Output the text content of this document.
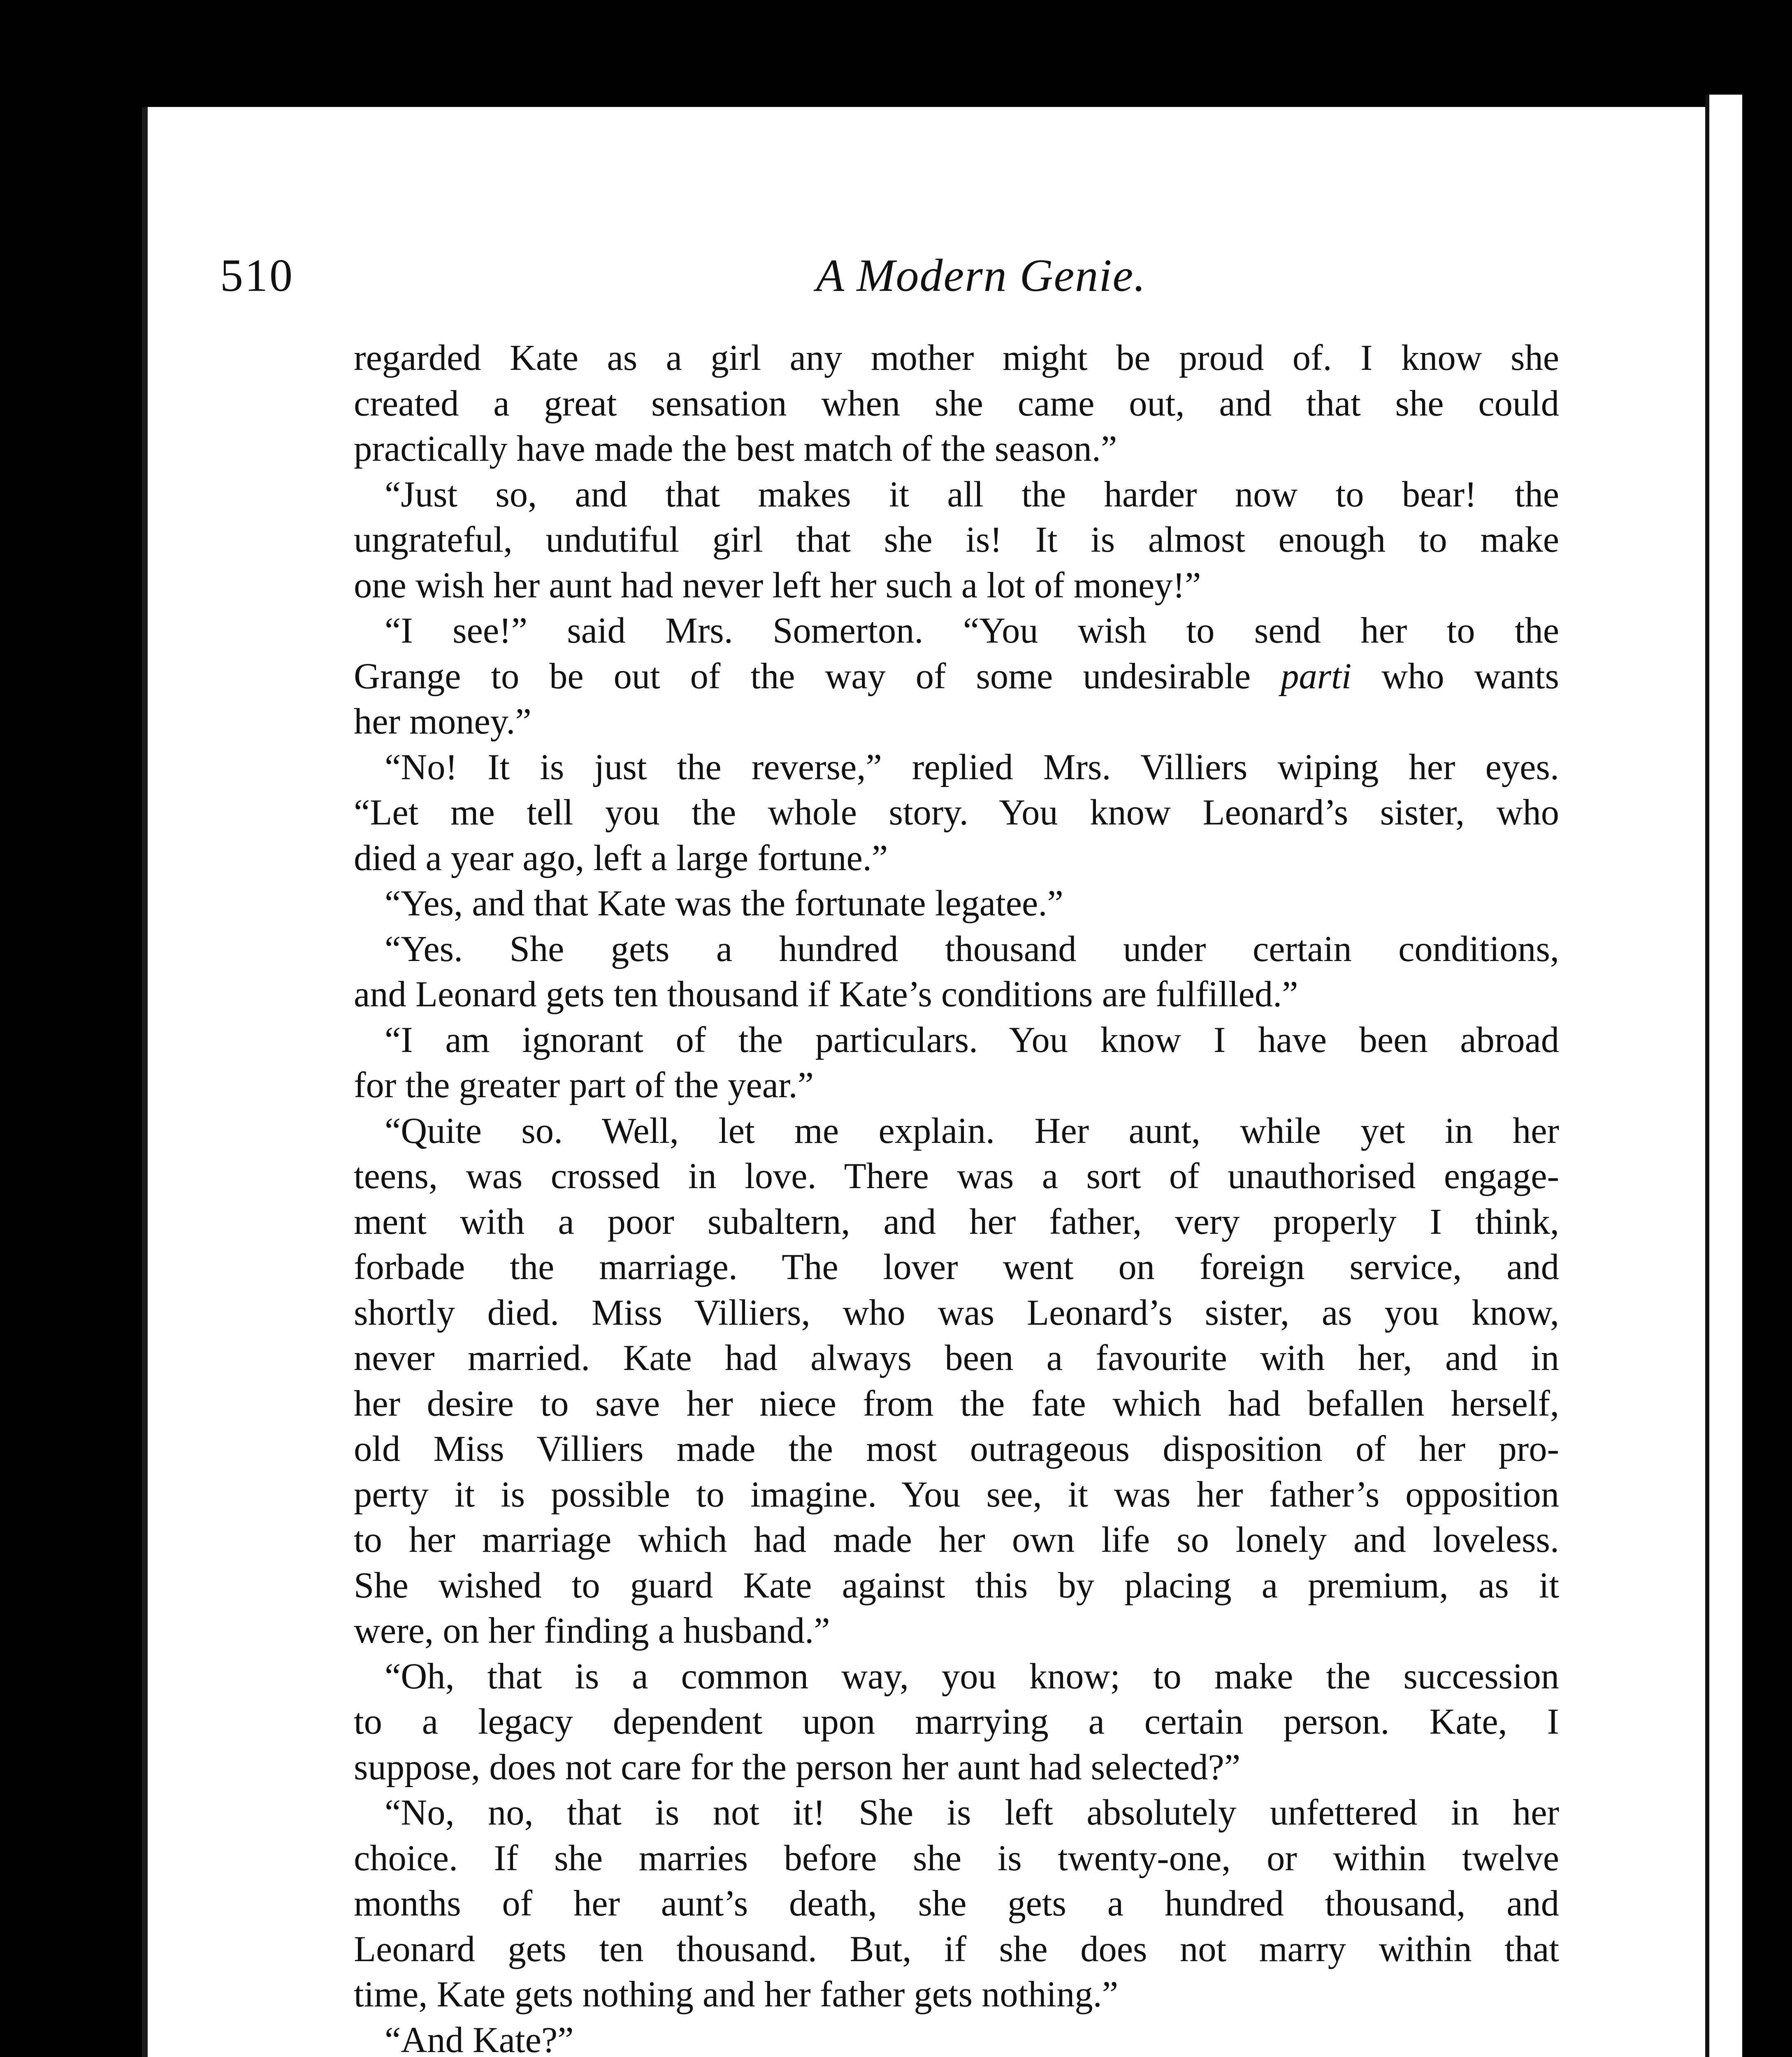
510	A Modern Genie.
regarded Kate as a girl any mother might be proud of. I know she
created a great sensation when she came out, and that she could
practically have made the best match of the season.”
“Just so, and that makes it all the harder now to bear! the
ungrateful, undutiful girl that she is! It is almost enough to make
one wish her aunt had never left her such a lot of money!”
“I see!” said Mrs. Somerton. “You wish to send her to the
Grange to be out of the way of some undesirable parti who wants
her money.”
“No! It is just the reverse,” replied Mrs. Villiers wiping her eyes.
“Let me tell you the whole story. You know Leonard’s sister, who
died a year ago, left a large fortune.”
“Yes, and that Kate was the fortunate legatee.”
“Yes. She gets a hundred thousand under certain conditions,
and Leonard gets ten thousand if Kate’s conditions are fulfilled.”
“I am ignorant of the particulars. You know I have been abroad
for the greater part of the year.”
“Quite so. Well, let me explain. Her aunt, while yet in her
teens, was crossed in love. There was a sort of unauthorised engage-
ment with a poor subaltern, and her father, very properly I think,
forbade the marriage. The lover went on foreign service, and
shortly died. Miss Villiers, who was Leonard’s sister, as you know,
never married. Kate had always been a favourite with her, and in
her desire to save her niece from the fate which had befallen herself,
old Miss Villiers made the most outrageous disposition of her pro-
perty it is possible to imagine. You see, it was her father’s opposition
to her marriage which had made her own life so lonely and loveless.
She wished to guard Kate against this by placing a premium, as it
were, on her finding a husband.”
“Oh, that is a common way, you know; to make the succession
to a legacy dependent upon marrying a certain person. Kate, I
suppose, does not care for the person her aunt had selected?”
“No, no, that is not it! She is left absolutely unfettered in her
choice. If she marries before she is twenty-one, or within twelve
months of her aunt’s death, she gets a hundred thousand, and
Leonard gets ten thousand. But, if she does not marry within that
time, Kate gets nothing and her father gets nothing.”
“And Kate?”
